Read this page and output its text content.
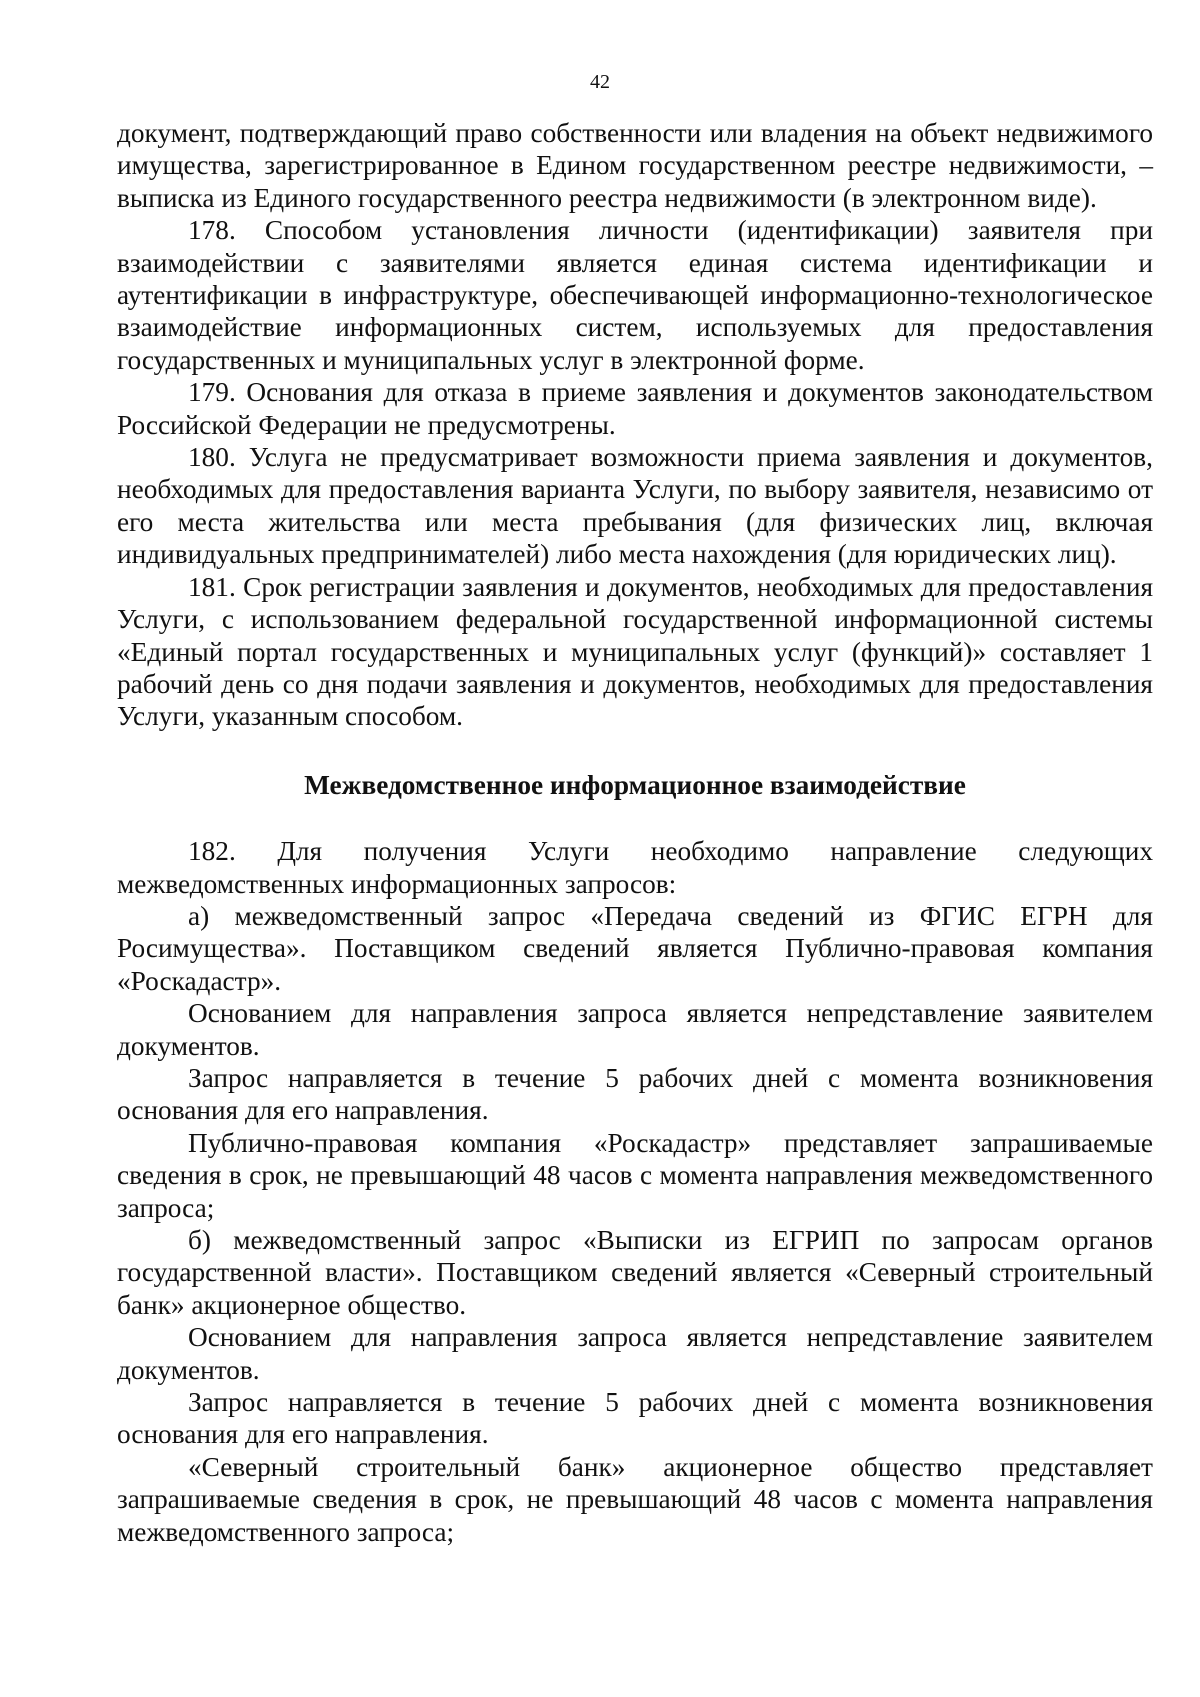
42

документ, подтверждающий право собственности или владения на объект недвижимого имущества, зарегистрированное в Едином государственном реестре недвижимости, – выписка из Единого государственного реестра недвижимости (в электронном виде).

178. Способом установления личности (идентификации) заявителя при взаимодействии с заявителями является единая система идентификации и аутентификации в инфраструктуре, обеспечивающей информационно-технологическое взаимодействие информационных систем, используемых для предоставления государственных и муниципальных услуг в электронной форме.

179. Основания для отказа в приеме заявления и документов законодательством Российской Федерации не предусмотрены.

180. Услуга не предусматривает возможности приема заявления и документов, необходимых для предоставления варианта Услуги, по выбору заявителя, независимо от его места жительства или места пребывания (для физических лиц, включая индивидуальных предпринимателей) либо места нахождения (для юридических лиц).

181. Срок регистрации заявления и документов, необходимых для предоставления Услуги, с использованием федеральной государственной информационной системы «Единый портал государственных и муниципальных услуг (функций)» составляет 1 рабочий день со дня подачи заявления и документов, необходимых для предоставления Услуги, указанным способом.

Межведомственное информационное взаимодействие

182. Для получения Услуги необходимо направление следующих межведомственных информационных запросов:

а) межведомственный запрос «Передача сведений из ФГИС ЕГРН для Росимущества». Поставщиком сведений является Публично-правовая компания «Роскадастр».

Основанием для направления запроса является непредставление заявителем документов.

Запрос направляется в течение 5 рабочих дней с момента возникновения основания для его направления.

Публично-правовая компания «Роскадастр» представляет запрашиваемые сведения в срок, не превышающий 48 часов с момента направления межведомственного запроса;

б) межведомственный запрос «Выписки из ЕГРИП по запросам органов государственной власти». Поставщиком сведений является «Северный строительный банк» акционерное общество.

Основанием для направления запроса является непредставление заявителем документов.

Запрос направляется в течение 5 рабочих дней с момента возникновения основания для его направления.

«Северный строительный банк» акционерное общество представляет запрашиваемые сведения в срок, не превышающий 48 часов с момента направления межведомственного запроса;
